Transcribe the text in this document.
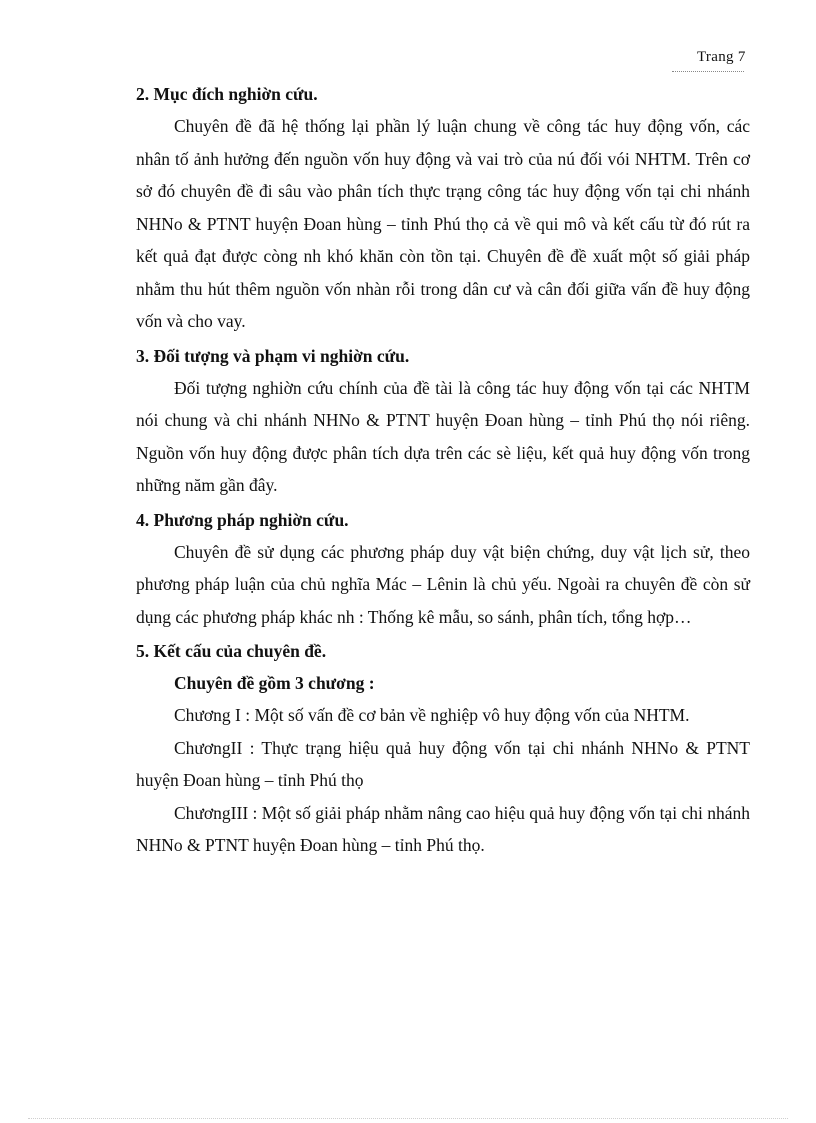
Trang 7

2. Mục đích nghiờn cứu.

Chuyên đề đã hệ thống lại phần lý luận chung về công tác huy động vốn, các nhân tố ảnh hưởng đến nguồn vốn huy động và vai trò của nú đối vói NHTM. Trên cơ sở đó chuyên đề đi sâu vào phân tích thực trạng công tác huy động vốn tại chi nhánh NHNo & PTNT huyện Đoan hùng – tỉnh Phú thọ cả về qui mô và kết cấu từ đó rút ra kết quả đạt được còng nh khó khăn còn tồn tại. Chuyên đề đề xuất một số giải pháp nhằm thu hút thêm nguồn vốn nhàn rỗi trong dân cư và cân đối giữa vấn đề huy động vốn và cho vay.

3. Đối tượng và phạm vi nghiờn cứu.

Đối tượng nghiờn cứu chính của đề tài là công tác huy động vốn tại các NHTM nói chung và chi nhánh NHNo & PTNT huyện Đoan hùng – tỉnh Phú thọ nói riêng. Nguồn vốn huy động được phân tích dựa trên các sè liệu, kết quả huy động vốn trong những năm gần đây.

4. Phương pháp nghiờn cứu.

Chuyên đề sử dụng các phương pháp duy vật biện chứng, duy vật lịch sử, theo phương pháp luận của chủ nghĩa Mác – Lênin là chủ yếu. Ngoài ra chuyên đề còn sử dụng các phương pháp khác nh : Thống kê mẫu, so sánh, phân tích, tổng hợp…

5. Kết cấu của chuyên đề.

Chuyên đề gồm 3 chương :

Chương I : Một số vấn đề cơ bản về nghiệp vô huy động vốn của NHTM.

ChươngII : Thực trạng hiệu quả huy động vốn tại chi nhánh NHNo & PTNT huyện Đoan hùng – tỉnh Phú thọ

ChươngIII : Một số giải pháp nhằm nâng cao hiệu quả huy động vốn tại chi nhánh NHNo & PTNT huyện Đoan hùng – tỉnh Phú thọ.
